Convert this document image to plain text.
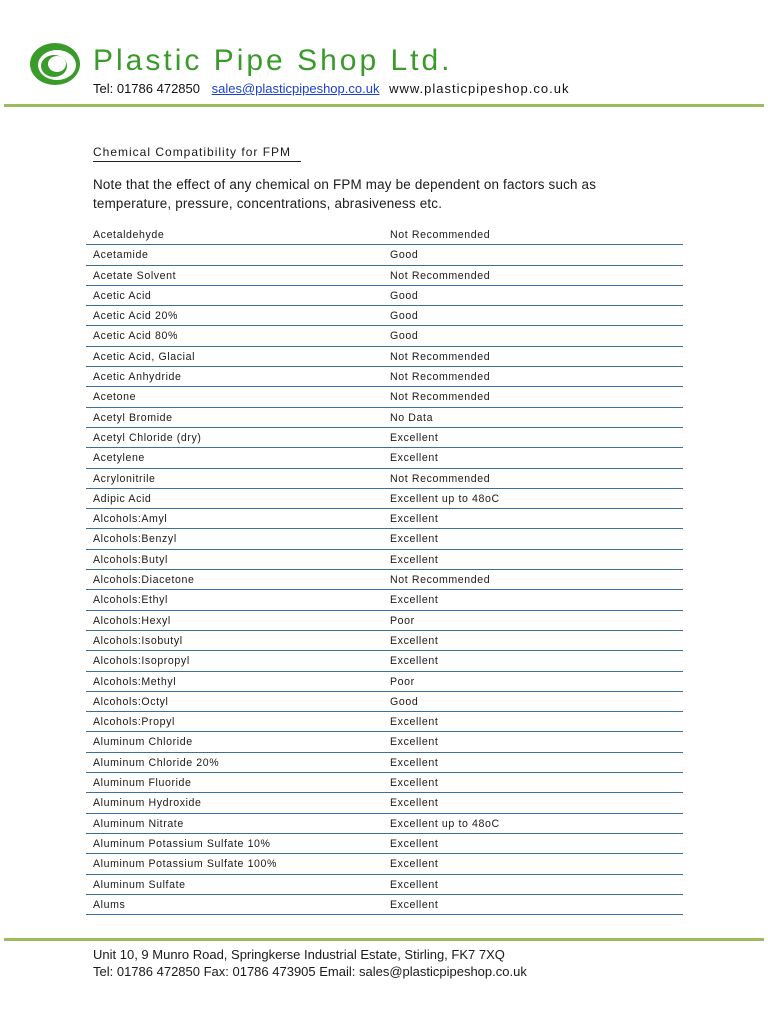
Plastic Pipe Shop Ltd.
Tel: 01786 472850 sales@plasticpipeshop.co.uk www.plasticpipeshop.co.uk
Chemical Compatibility for FPM
Note that the effect of any chemical on FPM may be dependent on factors such as temperature, pressure, concentrations, abrasiveness etc.
Acetaldehyde	Not Recommended
Acetamide	Good
Acetate Solvent	Not Recommended
Acetic Acid	Good
Acetic Acid 20%	Good
Acetic Acid 80%	Good
Acetic Acid, Glacial	Not Recommended
Acetic Anhydride	Not Recommended
Acetone	Not Recommended
Acetyl Bromide	No Data
Acetyl Chloride (dry)	Excellent
Acetylene	Excellent
Acrylonitrile	Not Recommended
Adipic Acid	Excellent up to 48oC
Alcohols:Amyl	Excellent
Alcohols:Benzyl	Excellent
Alcohols:Butyl	Excellent
Alcohols:Diacetone	Not Recommended
Alcohols:Ethyl	Excellent
Alcohols:Hexyl	Poor
Alcohols:Isobutyl	Excellent
Alcohols:Isopropyl	Excellent
Alcohols:Methyl	Poor
Alcohols:Octyl	Good
Alcohols:Propyl	Excellent
Aluminum Chloride	Excellent
Aluminum Chloride 20%	Excellent
Aluminum Fluoride	Excellent
Aluminum Hydroxide	Excellent
Aluminum Nitrate	Excellent up to 48oC
Aluminum Potassium Sulfate 10%	Excellent
Aluminum Potassium Sulfate 100%	Excellent
Aluminum Sulfate	Excellent
Alums	Excellent
Unit 10, 9 Munro Road, Springkerse Industrial Estate, Stirling, FK7 7XQ
Tel: 01786 472850 Fax: 01786 473905 Email: sales@plasticpipeshop.co.uk
